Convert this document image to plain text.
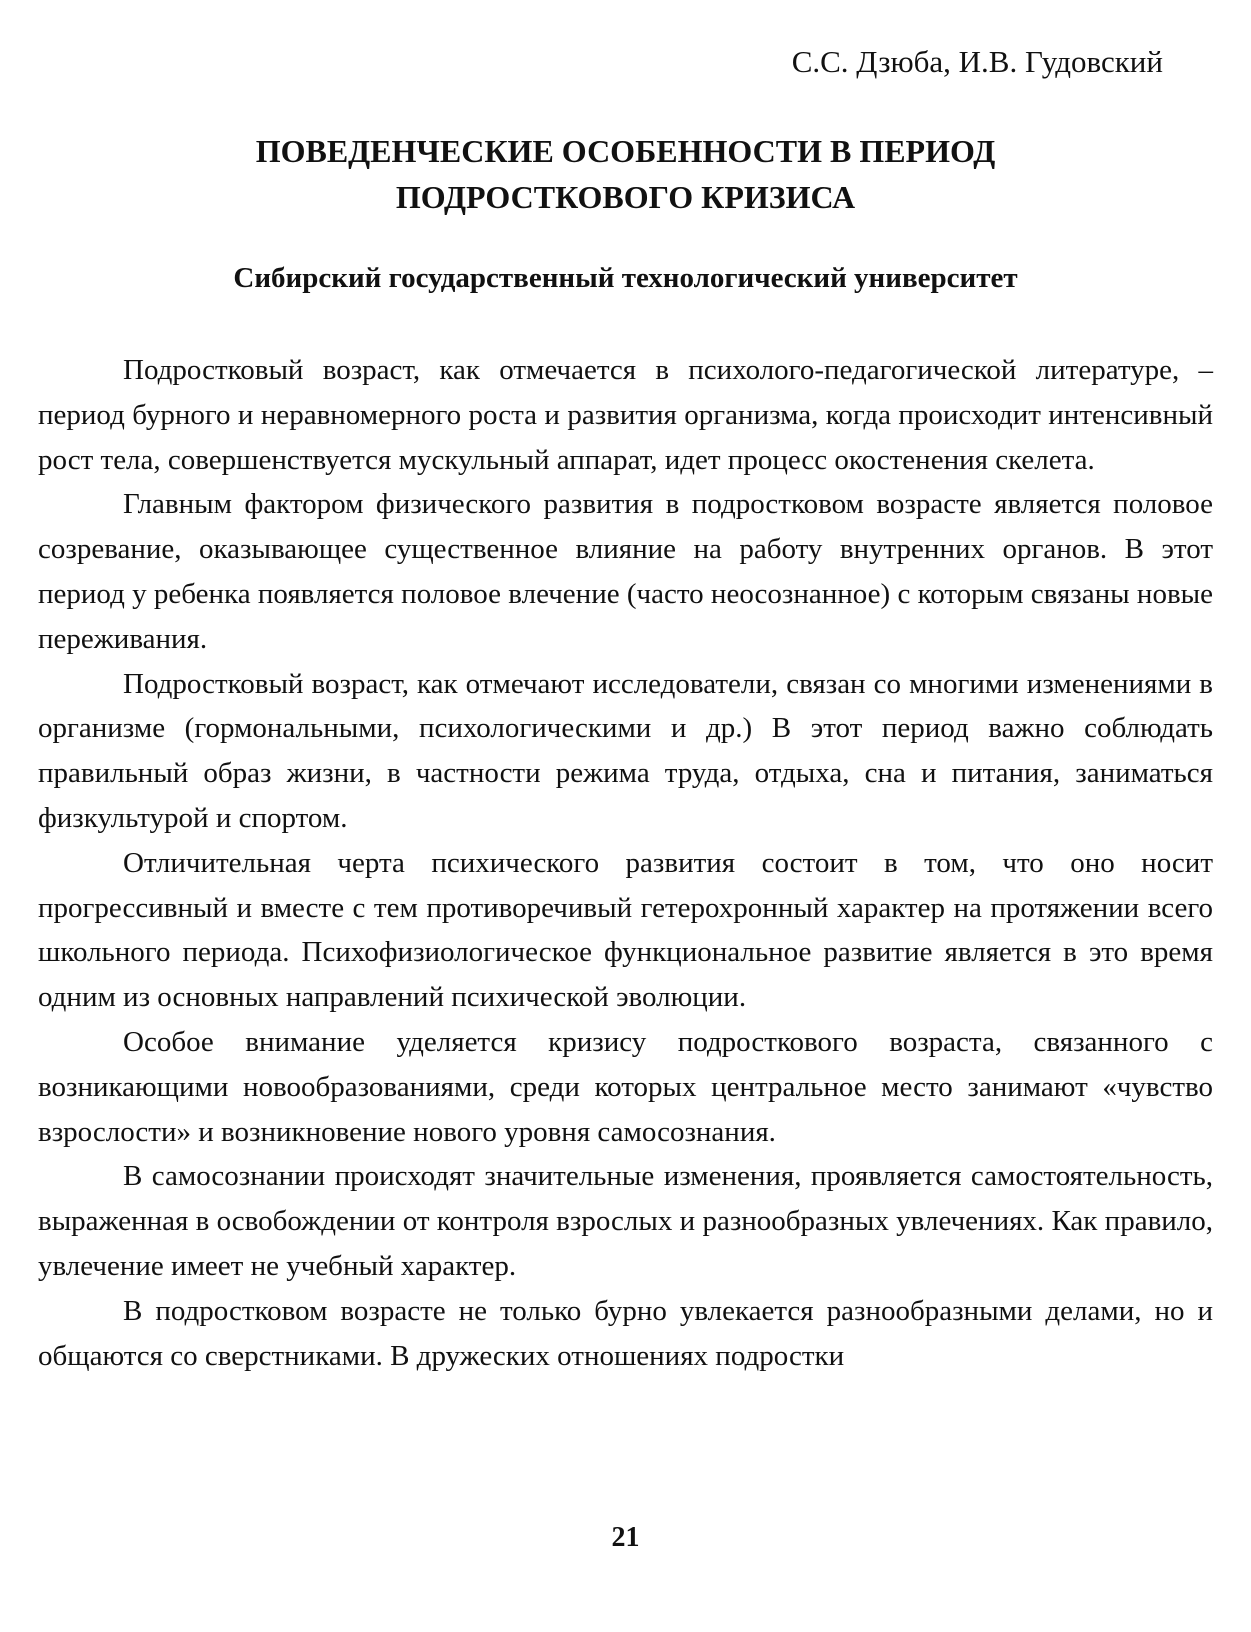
С.С. Дзюба, И.В. Гудовский
ПОВЕДЕНЧЕСКИЕ ОСОБЕННОСТИ В ПЕРИОД
ПОДРОСТКОВОГО КРИЗИСА
Сибирский государственный технологический университет

Подростковый возраст, как отмечается в психолого-педагогической литературе, – период бурного и неравномерного роста и развития организма, когда происходит интенсивный рост тела, совершенствуется мускульный аппарат, идет процесс окостенения скелета.

Главным фактором физического развития в подростковом возрасте является половое созревание, оказывающее существенное влияние на работу внутренних органов. В этот период у ребенка появляется половое влечение (часто неосознанное) с которым связаны новые переживания.

Подростковый возраст, как отмечают исследователи, связан со многими изменениями в организме (гормональными, психологическими и др.) В этот период важно соблюдать правильный образ жизни, в частности режима труда, отдыха, сна и питания, заниматься физкультурой и спортом.

Отличительная черта психического развития состоит в том, что оно носит прогрессивный и вместе с тем противоречивый гетерохронный характер на протяжении всего школьного периода. Психофизиологическое функциональное развитие является в это время одним из основных направлений психической эволюции.

Особое внимание уделяется кризису подросткового возраста, связанного с возникающими новообразованиями, среди которых центральное место занимают «чувство взрослости» и возникновение нового уровня самосознания.

В самосознании происходят значительные изменения, проявляется самостоятельность, выраженная в освобождении от контроля взрослых и разнообразных увлечениях. Как правило, увлечение имеет не учебный характер.

В подростковом возрасте не только бурно увлекается разнообразными делами, но и общаются со сверстниками. В дружеских отношениях подростки

21
